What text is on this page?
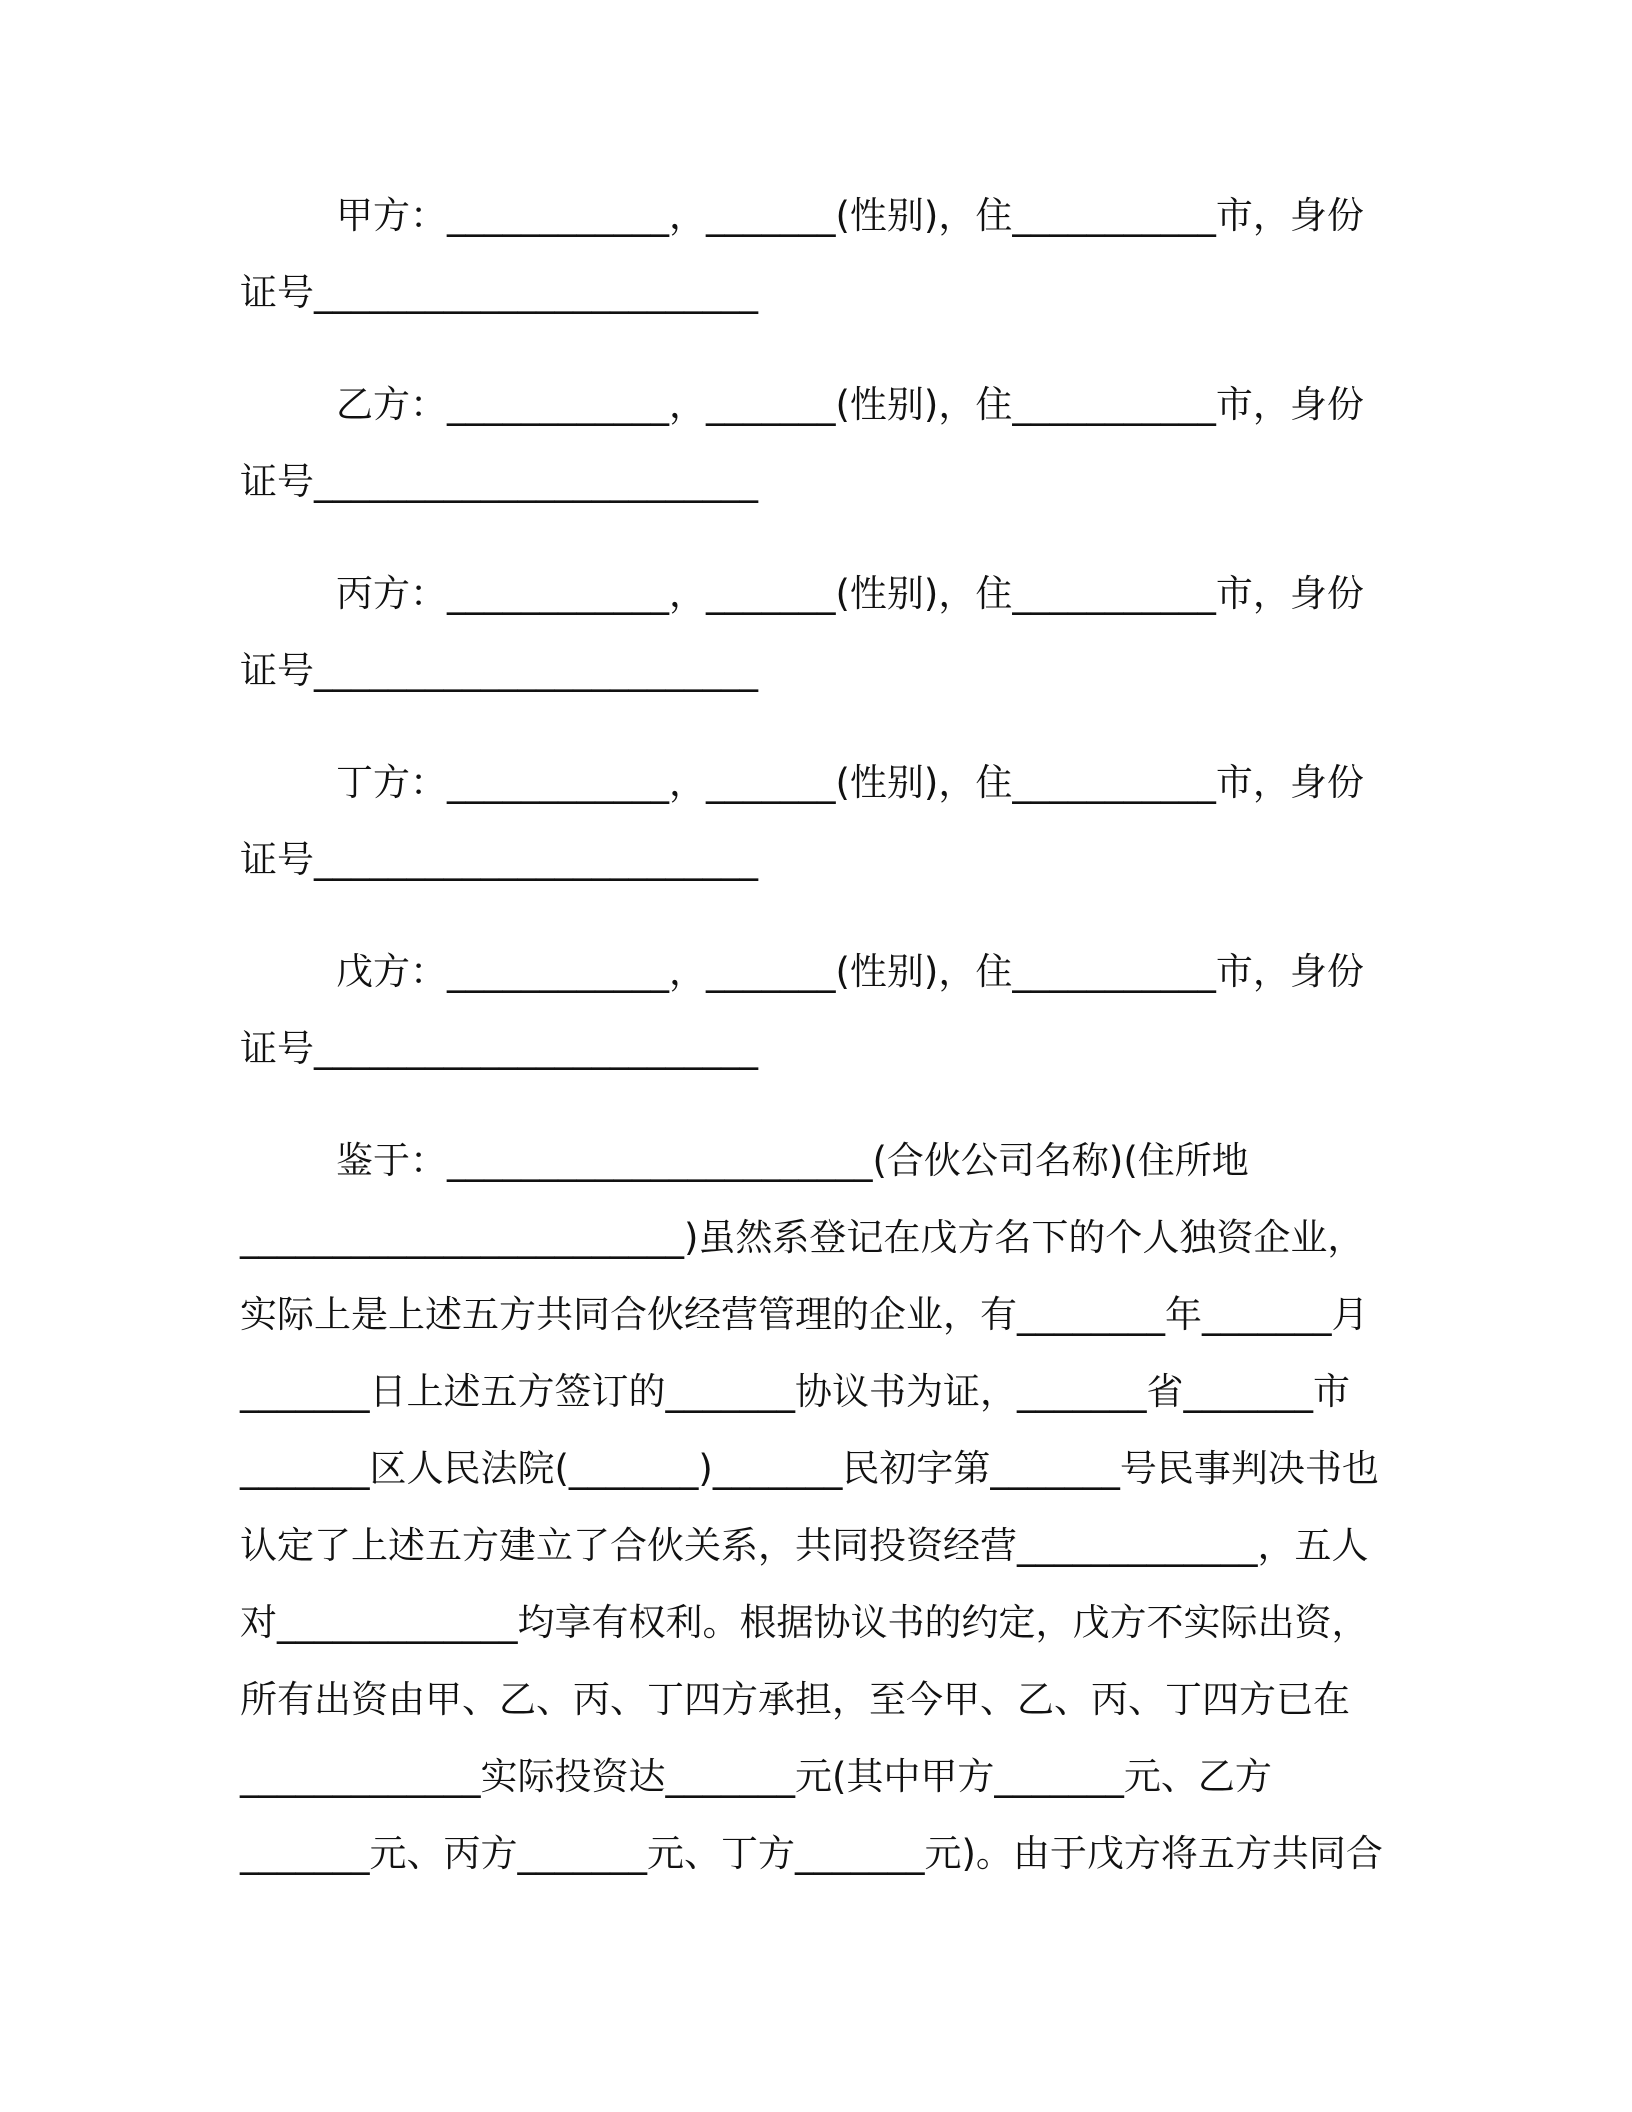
甲方：____________，_______(性别)，住___________市，身份
证号________________________
乙方：____________，_______(性别)，住___________市，身份
证号________________________
丙方：____________，_______(性别)，住___________市，身份
证号________________________
丁方：____________，_______(性别)，住___________市，身份
证号________________________
戊方：____________，_______(性别)，住___________市，身份
证号________________________
鉴于：_______________________(合伙公司名称)(住所地
________________________)虽然系登记在戊方名下的个人独资企业，
实际上是上述五方共同合伙经营管理的企业，有________年_______月
_______日上述五方签订的_______协议书为证，_______省_______市
_______区人民法院(_______)_______民初字第_______号民事判决书也
认定了上述五方建立了合伙关系，共同投资经营_____________，五人
对_____________均享有权利。根据协议书的约定，戊方不实际出资，
所有出资由甲、乙、丙、丁四方承担，至今甲、乙、丙、丁四方已在
_____________实际投资达_______元(其中甲方_______元、乙方
_______元、丙方_______元、丁方_______元)。由于戊方将五方共同合
